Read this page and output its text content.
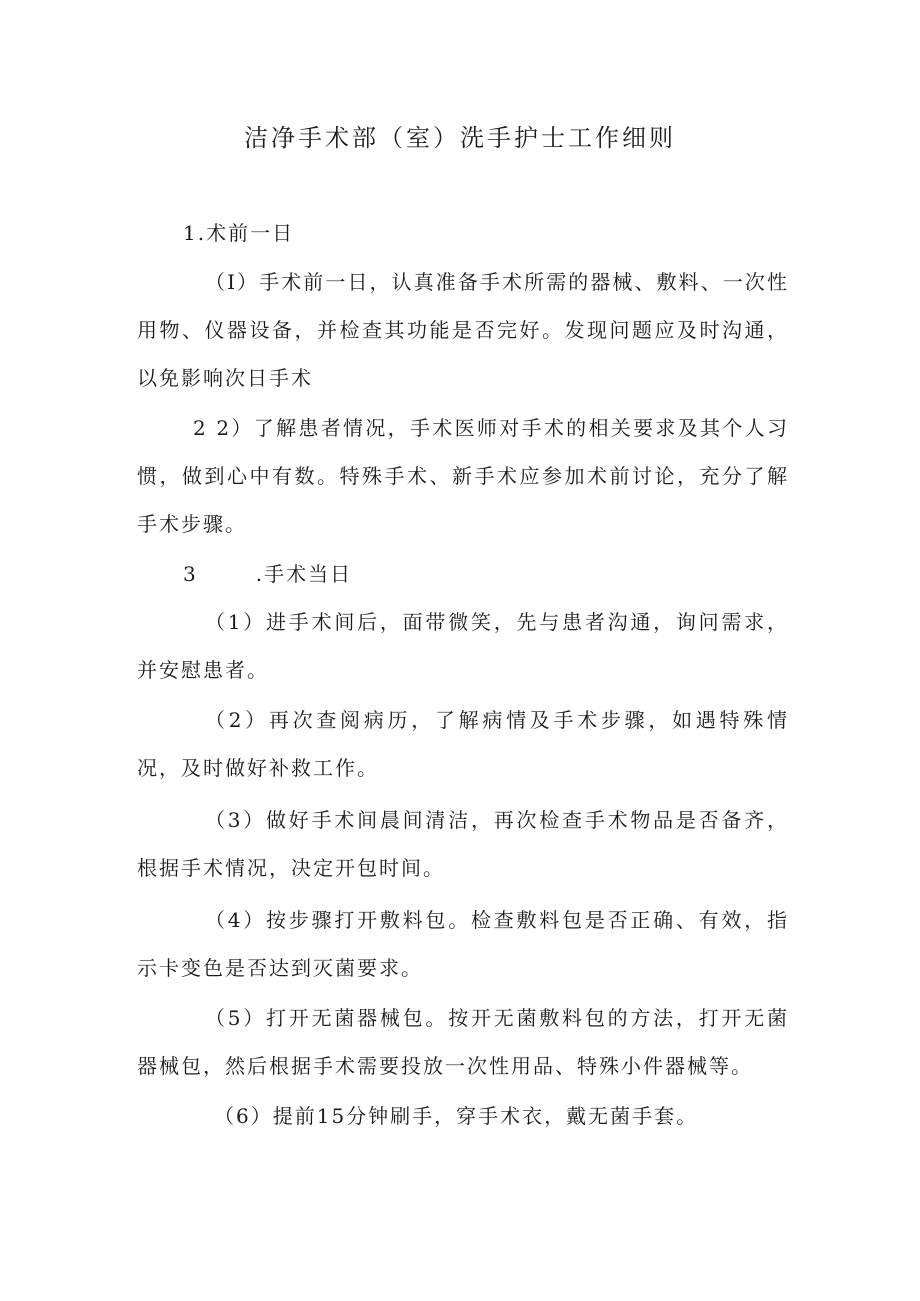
洁净手术部（室）洗手护士工作细则
1.术前一日
（I）手术前一日，认真准备手术所需的器械、敷料、一次性用物、仪器设备，并检查其功能是否完好。发现问题应及时沟通，以免影响次日手术
2 2）了解患者情况，手术医师对手术的相关要求及其个人习惯，做到心中有数。特殊手术、新手术应参加术前讨论，充分了解手术步骤。
3	.手术当日
（1）进手术间后，面带微笑，先与患者沟通，询问需求，并安慰患者。
（2）再次查阅病历，了解病情及手术步骤，如遇特殊情况，及时做好补救工作。
（3）做好手术间晨间清洁，再次检查手术物品是否备齐，根据手术情况，决定开包时间。
（4）按步骤打开敷料包。检查敷料包是否正确、有效，指示卡变色是否达到灭菌要求。
（5）打开无菌器械包。按开无菌敷料包的方法，打开无菌器械包，然后根据手术需要投放一次性用品、特殊小件器械等。
（6）提前15分钟刷手，穿手术衣，戴无菌手套。
